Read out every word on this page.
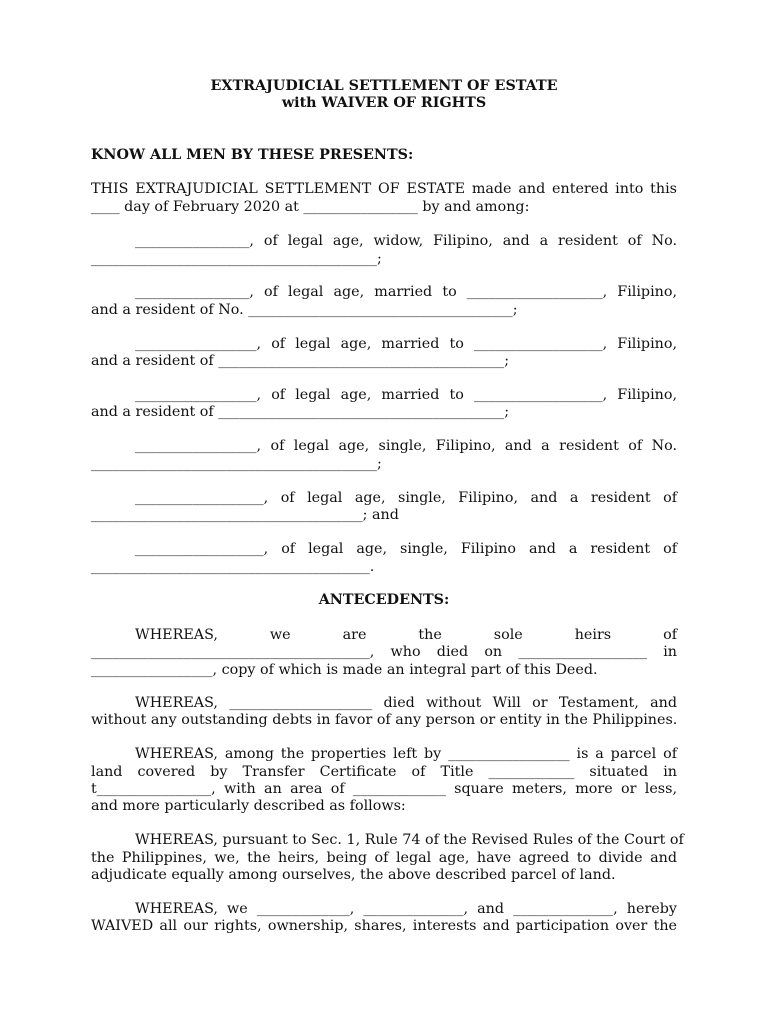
EXTRAJUDICIAL SETTLEMENT OF ESTATE
with WAIVER OF RIGHTS
KNOW ALL MEN BY THESE PRESENTS:
THIS EXTRAJUDICIAL SETTLEMENT OF ESTATE made and entered into this
____ day of February 2020 at ________________ by and among:
________________, of legal age, widow, Filipino, and a resident of No.
________________________________________;
________________, of legal age, married to ___________________, Filipino,
and a resident of No. _____________________________________;
_________________, of legal age, married to __________________, Filipino,
and a resident of ________________________________________;
_________________, of legal age, married to __________________, Filipino,
and a resident of ________________________________________;
_________________, of legal age, single, Filipino, and a resident of No.
________________________________________;
__________________, of legal age, single, Filipino, and a resident of
______________________________________; and
__________________, of legal age, single, Filipino and a resident of
_______________________________________.
ANTECEDENTS:
WHEREAS, we are the sole heirs of
_______________________________________, who died on __________________ in
_________________, copy of which is made an integral part of this Deed.
WHEREAS, ____________________ died without Will or Testament, and
without any outstanding debts in favor of any person or entity in the Philippines.
WHEREAS, among the properties left by _________________ is a parcel of
land covered by Transfer Certificate of Title ____________ situated in
t________________, with an area of _____________ square meters, more or less,
and more particularly described as follows:
WHEREAS, pursuant to Sec. 1, Rule 74 of the Revised Rules of the Court of
the Philippines, we, the heirs, being of legal age, have agreed to divide and
adjudicate equally among ourselves, the above described parcel of land.
WHEREAS, we _____________, ______________, and ______________, hereby
WAIVED all our rights, ownership, shares, interests and participation over the
